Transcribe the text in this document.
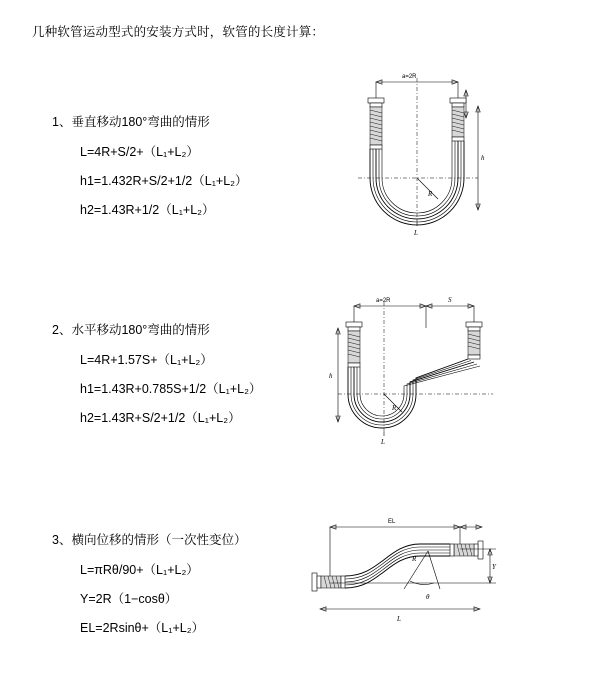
几种软管运动型式的安装方式时，软管的长度计算：
1、垂直移动180°弯曲的情形
L=4R+S/2+（L₁+L₂）
h1=1.432R+S/2+1/2（L₁+L₂）
h2=1.43R+1/2（L₁+L₂）
a=2R
R
h
L
2、水平移动180°弯曲的情形
L=4R+1.57S+（L₁+L₂）
h1=1.43R+0.785S+1/2（L₁+L₂）
h2=1.43R+S/2+1/2（L₁+L₂）
a=2R	S
R
h
L
3、横向位移的情形（一次性变位）
L=πRθ/90+（L₁+L₂）
Y=2R（1−cosθ）
EL=2Rsinθ+（L₁+L₂）
EL
R
θ
Y
L
